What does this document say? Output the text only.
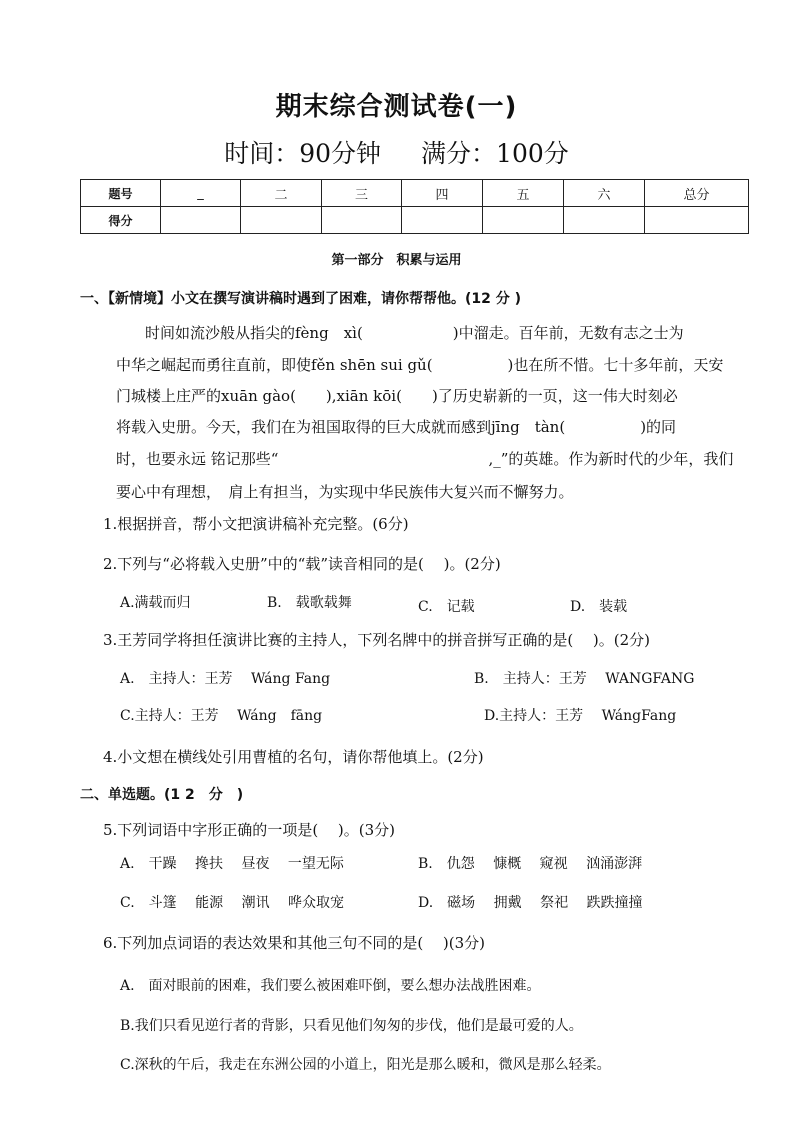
期末综合测试卷(一)
时间：90分钟 满分：100分
题号	_	二	三	四	五	六	总分
得分							
第一部分　积累与运用
一、【新情境】小文在撰写演讲稿时遇到了困难，请你帮帮他。(12 分 )
时间如流沙般从指尖的fèng　xì(　　　　　　)中溜走。百年前，无数有志之士为
中华之崛起而勇往直前，即使fěn shēn sui gǔ(　　　　　)也在所不惜。七十多年前，天安
门城楼上庄严的xuān gào(　　),xiān kōi(　　)了历史崭新的一页，这一伟大时刻必
将载入史册。今天，我们在为祖国取得的巨大成就而感到jīng　tàn(　　　　　)的同
时，也要永远 铭记那些“　　　　　　　　　　　　　　,_”的英雄。作为新时代的少年，我们
要心中有理想，　肩上有担当，为实现中华民族伟大复兴而不懈努力。
1.根据拼音，帮小文把演讲稿补充完整。(6分)
2.下列与“必将载入史册”中的“载”读音相同的是(　 )。(2分)
A.满载而归	B.　载歌载舞	C.　记载	D.　装载
3.王芳同学将担任演讲比赛的主持人，下列名牌中的拼音拼写正确的是(　 )。(2分)
A.　主持人：王芳　 Wáng Fang	B.　主持人：王芳　 WANGFANG
C.主持人：王芳　 Wáng　fāng	D.主持人：王芳　 WángFang
4.小文想在横线处引用曹植的名句，请你帮他填上。(2分)
二、单选题。(1 2　分　)
5.下列词语中字形正确的一项是(　 )。(3分)
A.　干躁　 搀扶　 昼夜　 一望无际	B.　仇怨　 慷概　 窥视　 汹涌澎湃
C.　斗篷　 能源　 潮讯　 哗众取宠	D.　磁场　 拥戴　 祭祀　 跌跌撞撞
6.下列加点词语的表达效果和其他三句不同的是(　 )(3分)
A.　面对眼前的困难，我们要么被困难吓倒，要么想办法战胜困难。
B.我们只看见逆行者的背影，只看见他们匆匆的步伐，他们是最可爱的人。
C.深秋的午后，我走在东洲公园的小道上，阳光是那么暖和，微风是那么轻柔。
